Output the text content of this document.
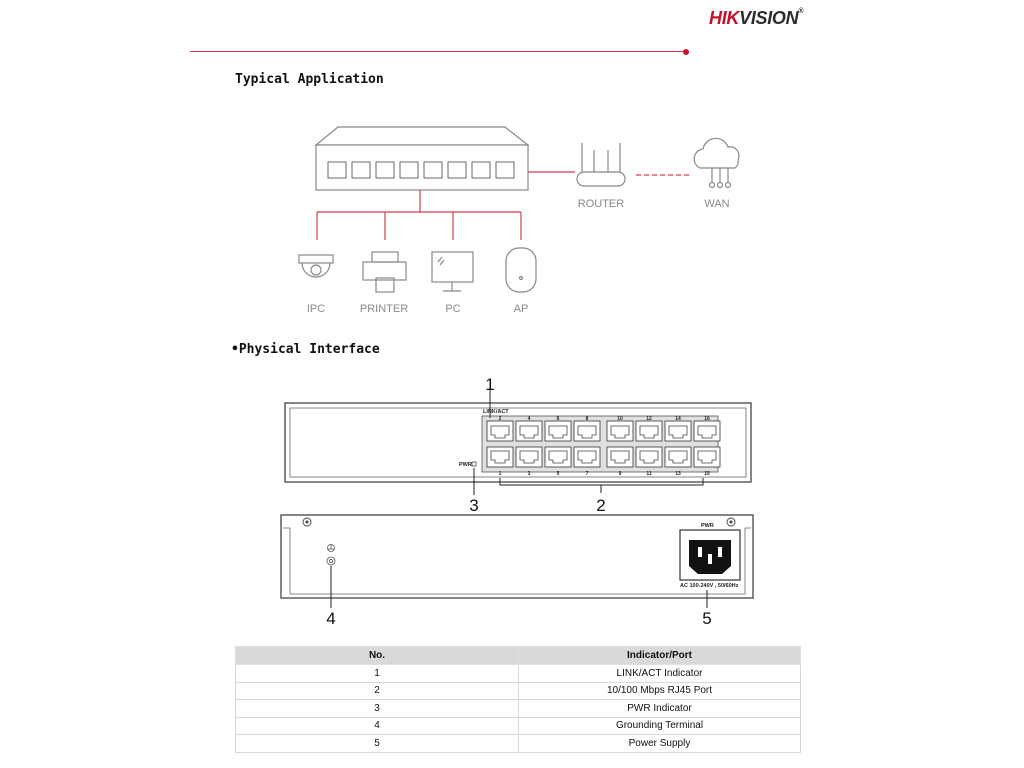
HIKVISION®
Typical Application
ROUTER	WAN
IPC	PRINTER	PC	AP
•Physical Interface
LINK/ACT
PWR
2
1
4
3
6
5
8
7
10
9
12
11
14
13
16
15
PWR
AC 100-240V , 50/60Hz
1
2
3
4	5
No.	Indicator/Port
1	LINK/ACT Indicator
2	10/100 Mbps RJ45 Port
3	PWR Indicator
4	Grounding Terminal
5	Power Supply
